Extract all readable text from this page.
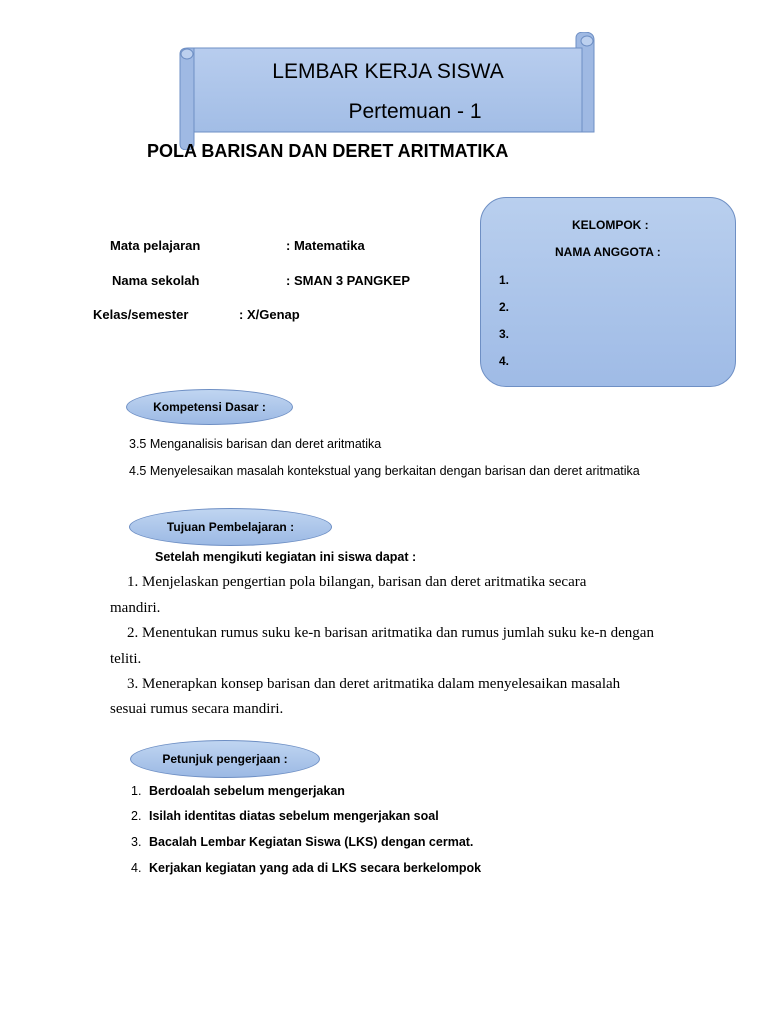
LEMBAR KERJA SISWA
Pertemuan - 1
POLA BARISAN DAN DERET ARITMATIKA
Mata pelajaran	: Matematika
Nama sekolah	: SMAN 3 PANGKEP
Kelas/semester	: X/Genap
KELOMPOK :
NAMA ANGGOTA :
1.
2.
3.
4.
Kompetensi Dasar :
3.5 Menganalisis barisan dan deret aritmatika
4.5 Menyelesaikan masalah kontekstual yang berkaitan dengan barisan dan deret aritmatika
Tujuan Pembelajaran :
Setelah mengikuti kegiatan ini siswa dapat :
1. Menjelaskan pengertian pola bilangan, barisan dan deret aritmatika secara
mandiri.
2. Menentukan rumus suku ke-n barisan aritmatika dan rumus jumlah suku ke-n dengan
teliti.
3. Menerapkan konsep barisan dan deret aritmatika dalam menyelesaikan masalah
sesuai rumus secara mandiri.
Petunjuk pengerjaan :
1. Berdoalah sebelum mengerjakan
2. Isilah identitas diatas sebelum mengerjakan soal
3. Bacalah Lembar Kegiatan Siswa (LKS) dengan cermat.
4. Kerjakan kegiatan yang ada di LKS secara berkelompok
